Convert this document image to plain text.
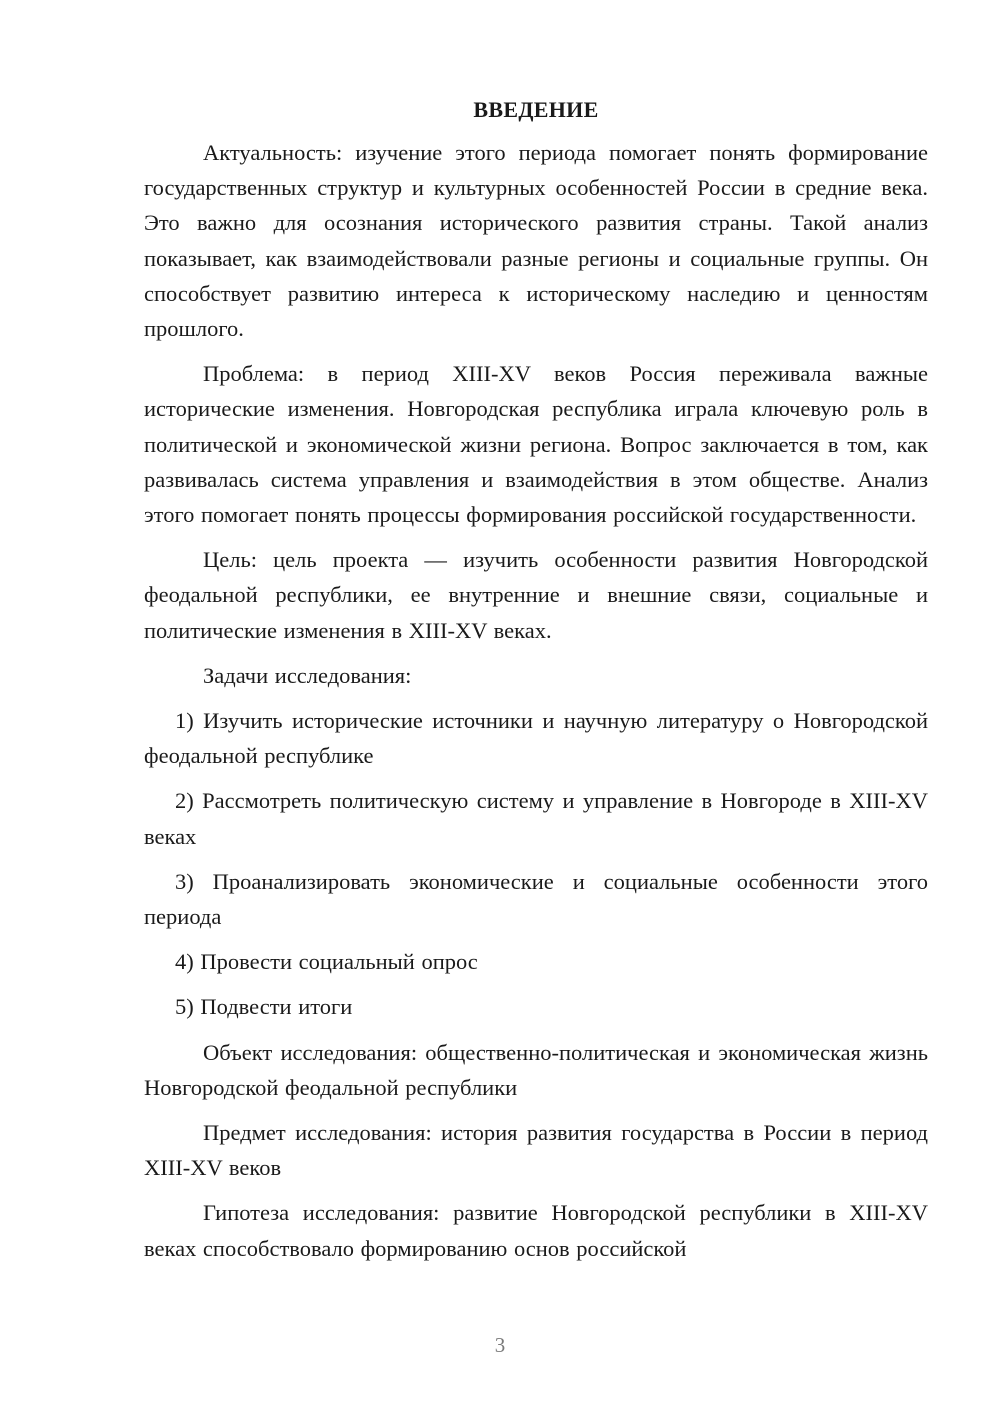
ВВЕДЕНИЕ

Актуальность: изучение этого периода помогает понять формирование государственных структур и культурных особенностей России в средние века. Это важно для осознания исторического развития страны. Такой анализ показывает, как взаимодействовали разные регионы и социальные группы. Он способствует развитию интереса к историческому наследию и ценностям прошлого.

Проблема: в период XIII-XV веков Россия переживала важные исторические изменения. Новгородская республика играла ключевую роль в политической и экономической жизни региона. Вопрос заключается в том, как развивалась система управления и взаимодействия в этом обществе. Анализ этого помогает понять процессы формирования российской государственности.

Цель: цель проекта — изучить особенности развития Новгородской феодальной республики, ее внутренние и внешние связи, социальные и политические изменения в XIII-XV веках.

Задачи исследования:

1) Изучить исторические источники и научную литературу о Новгородской феодальной республике

2) Рассмотреть политическую систему и управление в Новгороде в XIII-XV веках

3) Проанализировать экономические и социальные особенности этого периода

4) Провести социальный опрос

5) Подвести итоги

Объект исследования: общественно-политическая и экономическая жизнь Новгородской феодальной республики

Предмет исследования: история развития государства в России в период XIII-XV веков

Гипотеза исследования: развитие Новгородской республики в XIII-XV веках способствовало формированию основ российской

3
